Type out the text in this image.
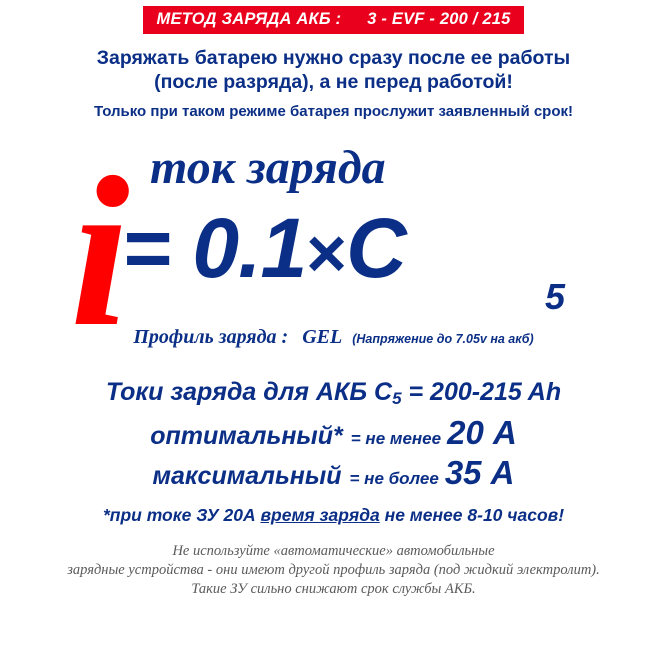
МЕТОД ЗАРЯДА АКБ : 3 - EVF - 200 / 215
Заряжать батарею нужно сразу после ее работы
(после разряда), а не перед работой!
Только при таком режиме батарея прослужит заявленный срок!
i ток заряда
= 0.1×C
5
Профиль заряда : GEL (Напряжение до 7.05v на акб)
Токи заряда для АКБ C5 = 200-215 Ah
оптимальный* = не менее 20 А
максимальный = не более 35 А
*при токе ЗУ 20А время заряда не менее 8-10 часов!
Не используйте «автоматические» автомобильные
зарядные устройства - они имеют другой профиль заряда (под жидкий электролит).
Такие ЗУ сильно снижают срок службы АКБ.
